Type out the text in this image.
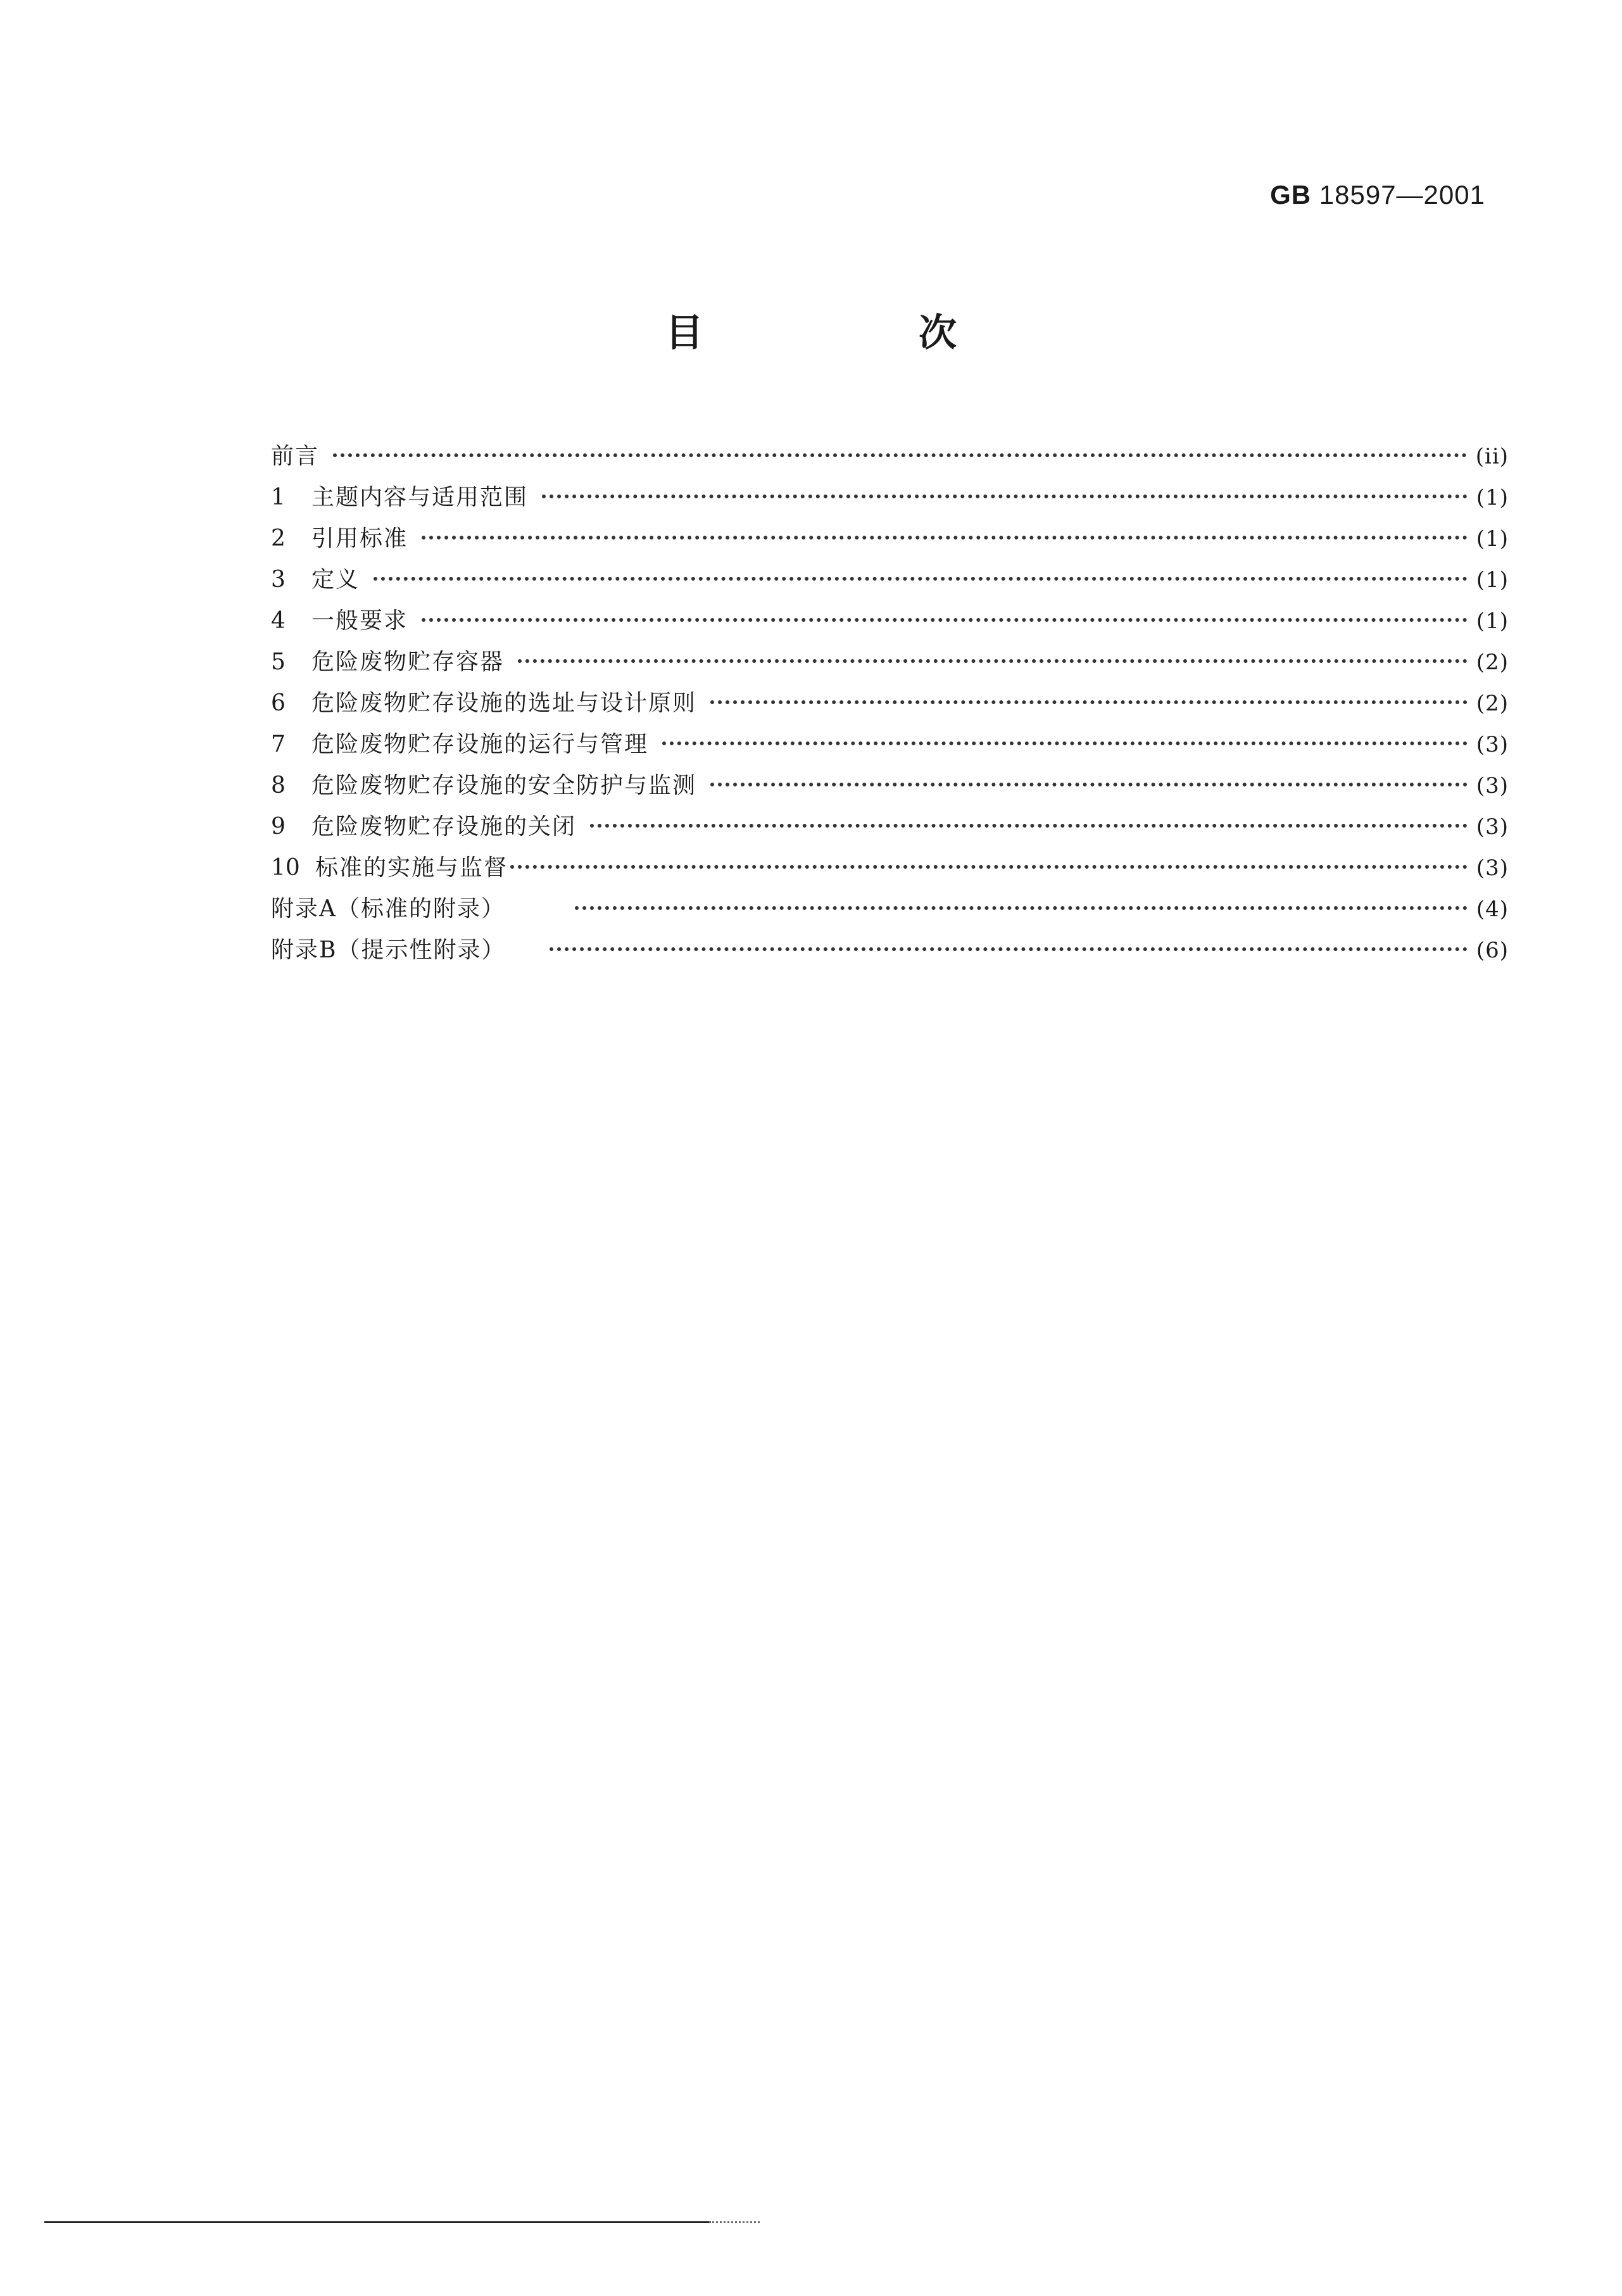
GB 18597—2001
目　次
前言	(ii)
1	主题内容与适用范围	(1)
2	引用标准	(1)
3	定义	(1)
4	一般要求	(1)
5	危险废物贮存容器	(2)
6	危险废物贮存设施的选址与设计原则	(2)
7	危险废物贮存设施的运行与管理	(3)
8	危险废物贮存设施的安全防护与监测	(3)
9	危险废物贮存设施的关闭	(3)
10 标准的实施与监督	(3)
附录A（标准的附录）	(4)
附录B（提示性附录）	(6)
